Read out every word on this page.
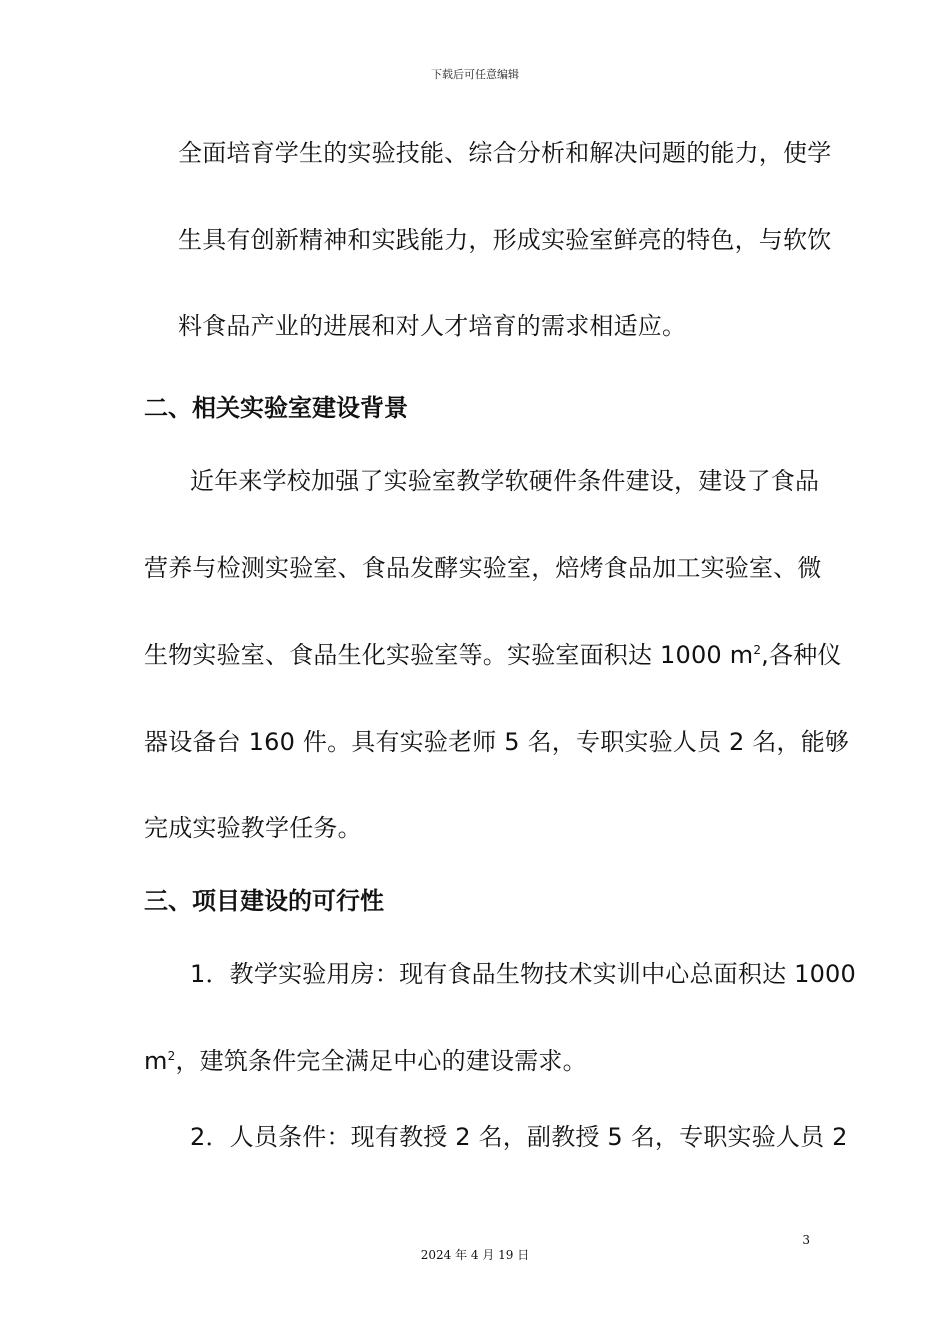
下载后可任意编辑
全面培育学生的实验技能、综合分析和解决问题的能力，使学
生具有创新精神和实践能力，形成实验室鲜亮的特色，与软饮
料食品产业的进展和对人才培育的需求相适应。
二、相关实验室建设背景
近年来学校加强了实验室教学软硬件条件建设，建设了食品
营养与检测实验室、食品发酵实验室，焙烤食品加工实验室、微
生物实验室、食品生化实验室等。实验室面积达 1000 $m^2$,各种仪
器设备台 160 件。具有实验老师 5 名，专职实验人员 2 名，能够
完成实验教学任务。
三、项目建设的可行性
1．教学实验用房：现有食品生物技术实训中心总面积达 1000
$m^2$，建筑条件完全满足中心的建设需求。
2．人员条件：现有教授 2 名，副教授 5 名，专职实验人员 2
3
2024 年 4 月 19 日
